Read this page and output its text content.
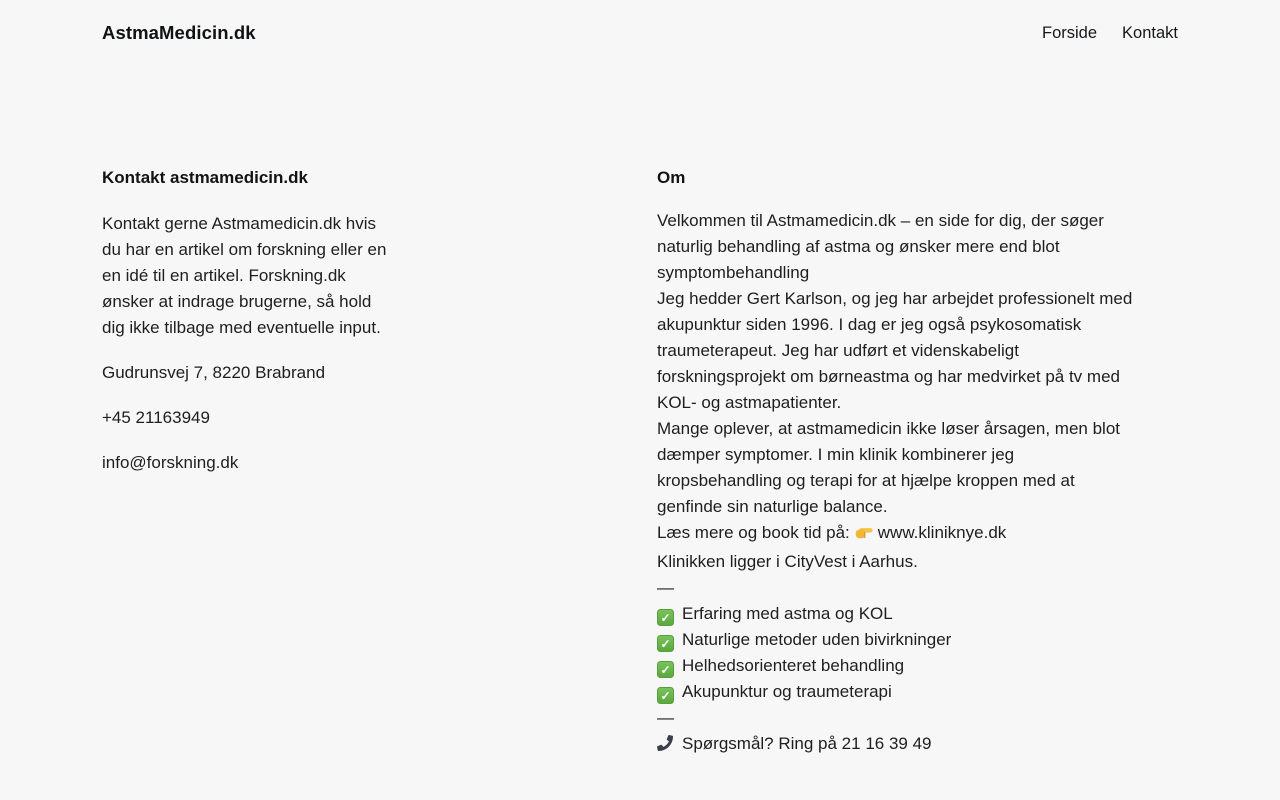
AstmaMedicin.dk	Forside Kontakt
Kontakt astmamedicin.dk
Kontakt gerne Astmamedicin.dk hvis
du har en artikel om forskning eller en
en idé til en artikel. Forskning.dk
ønsker at indrage brugerne, så hold
dig ikke tilbage med eventuelle input.

Gudrunsvej 7, 8220 Brabrand

+45 21163949

info@forskning.dk

Om
Velkommen til Astmamedicin.dk – en side for dig, der søger
naturlig behandling af astma og ønsker mere end blot
symptombehandling
Jeg hedder Gert Karlson, og jeg har arbejdet professionelt med
akupunktur siden 1996. I dag er jeg også psykosomatisk
traumeterapeut. Jeg har udført et videnskabeligt
forskningsprojekt om børneastma og har medvirket på tv med
KOL- og astmapatienter.
Mange oplever, at astmamedicin ikke løser årsagen, men blot
dæmper symptomer. I min klinik kombinerer jeg
kropsbehandling og terapi for at hjælpe kroppen med at
genfinde sin naturlige balance.
Læs mere og book tid på: www.kliniknye.dk
Klinikken ligger i CityVest i Aarhus.
—
✓Erfaring med astma og KOL
✓Naturlige metoder uden bivirkninger
✓Helhedsorienteret behandling
✓Akupunktur og traumeterapi
—
Spørgsmål? Ring på 21 16 39 49
